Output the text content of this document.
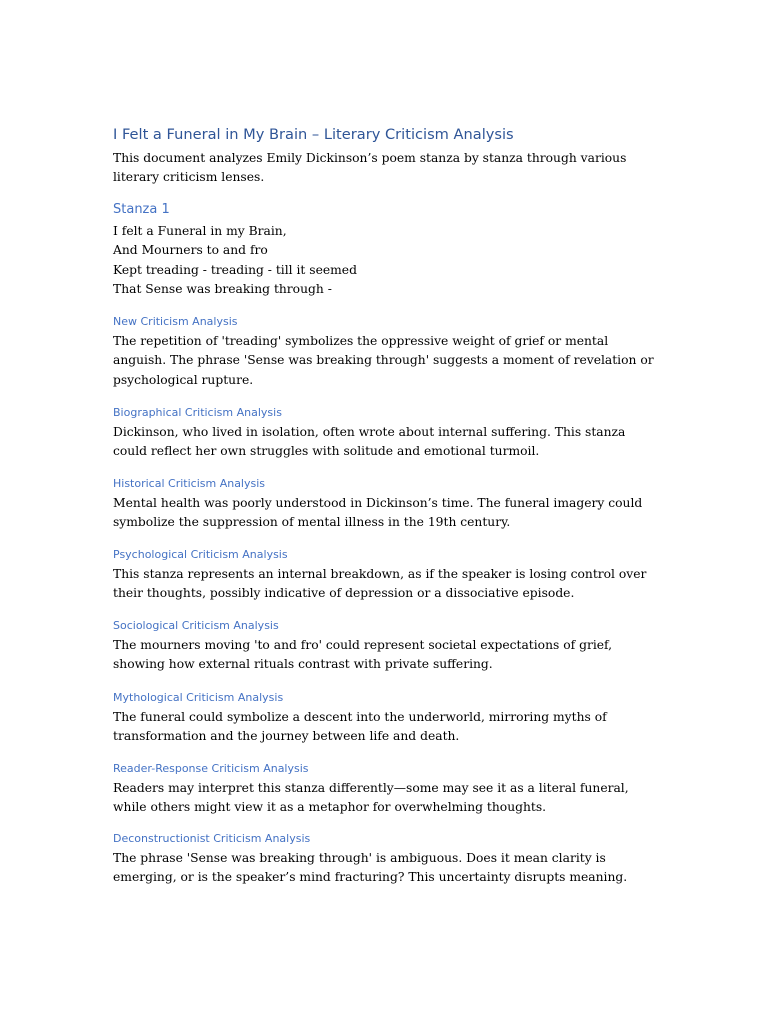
I Felt a Funeral in My Brain – Literary Criticism Analysis

This document analyzes Emily Dickinson’s poem stanza by stanza through various literary criticism lenses.

Stanza 1
I felt a Funeral in my Brain,
And Mourners to and fro
Kept treading - treading - till it seemed
That Sense was breaking through -
New Criticism Analysis

The repetition of 'treading' symbolizes the oppressive weight of grief or mental anguish. The phrase 'Sense was breaking through' suggests a moment of revelation or psychological rupture.

Biographical Criticism Analysis

Dickinson, who lived in isolation, often wrote about internal suffering. This stanza could reflect her own struggles with solitude and emotional turmoil.

Historical Criticism Analysis

Mental health was poorly understood in Dickinson’s time. The funeral imagery could symbolize the suppression of mental illness in the 19th century.

Psychological Criticism Analysis

This stanza represents an internal breakdown, as if the speaker is losing control over their thoughts, possibly indicative of depression or a dissociative episode.

Sociological Criticism Analysis

The mourners moving 'to and fro' could represent societal expectations of grief, showing how external rituals contrast with private suffering.

Mythological Criticism Analysis

The funeral could symbolize a descent into the underworld, mirroring myths of transformation and the journey between life and death.

Reader-Response Criticism Analysis

Readers may interpret this stanza differently—some may see it as a literal funeral, while others might view it as a metaphor for overwhelming thoughts.

Deconstructionist Criticism Analysis

The phrase 'Sense was breaking through' is ambiguous. Does it mean clarity is emerging, or is the speaker’s mind fracturing? This uncertainty disrupts meaning.
